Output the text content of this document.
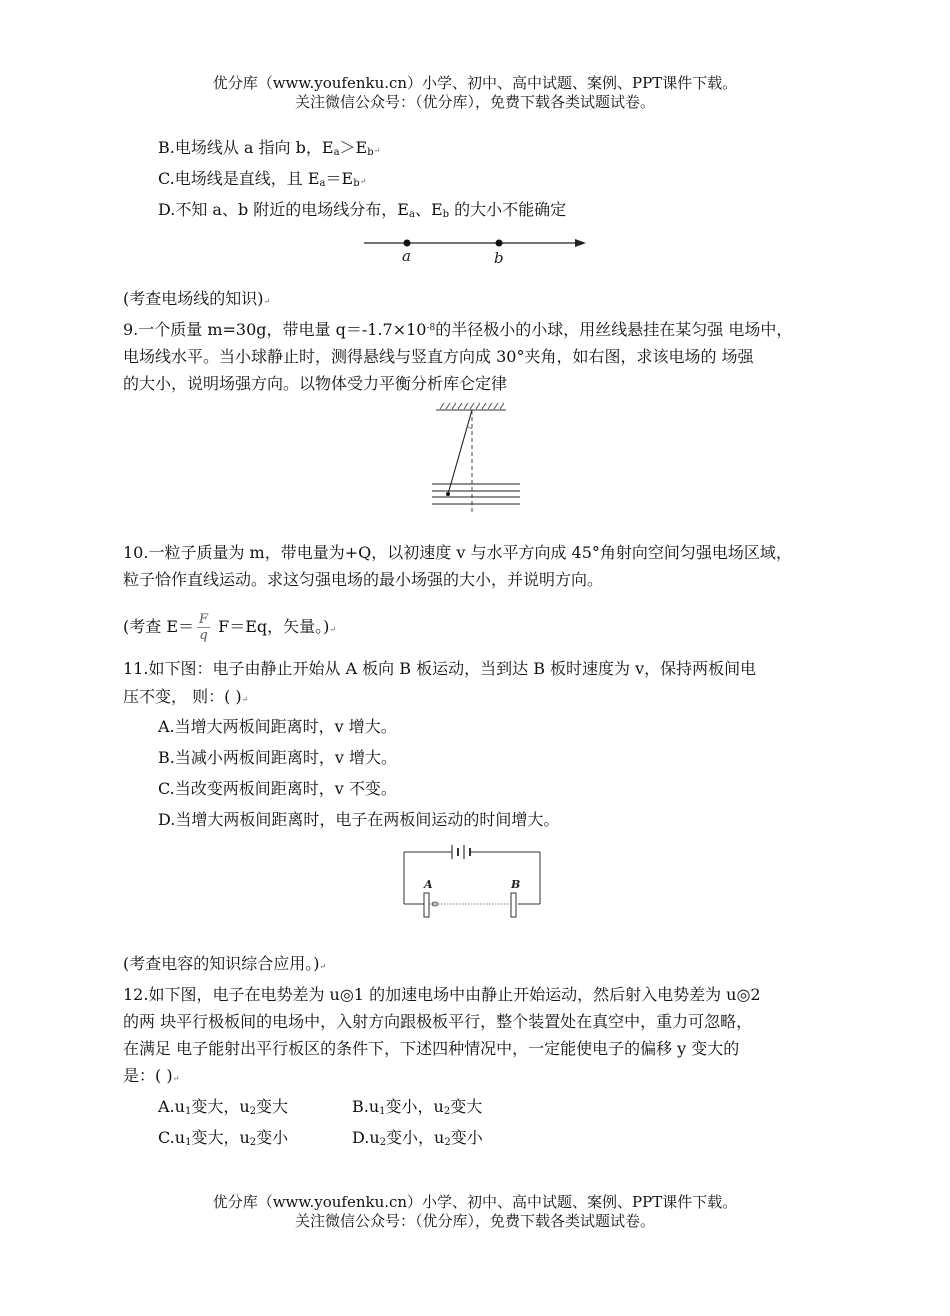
优分库（www.youfenku.cn）小学、初中、高中试题、案例、PPT课件下载。
关注微信公众号：（优分库），免费下载各类试题试卷。
B.电场线从 a 指向 b，$E_a>E_b↵$
C.电场线是直线，且 $E_a=E_b↵$
D.不知 a、b 附近的电场线分布，$E_a$、$E_b$ 的大小不能确定
a	b
(考查电场线的知识)↵
9.一个质量 m=30g，带电量 $q=-1.7\times 10^{-8}$的半径极小的小球，用丝线悬挂在某匀强 电场中，
电场线水平。当小球静止时，测得悬线与竖直方向成 30°夹角，如右图，求该电场的 场强
的大小，说明场强方向。以物体受力平衡分析库仑定律
10.一粒子质量为 m，带电量为+Q，以初速度 v 与水平方向成 45°角射向空间匀强电场区域，
粒子恰作直线运动。求这匀强电场的最小场强的大小，并说明方向。
(考查 $E= \frac{F}{q} F=Eq$，矢量。)↵
11.如下图：电子由静止开始从 A 板向 B 板运动，当到达 B 板时速度为 v，保持两板间电
压不变， 则：( )↵
A.当增大两板间距离时，v 增大。
B.当减小两板间距离时，v 增大。
C.当改变两板间距离时，v 不变。
D.当增大两板间距离时，电子在两板间运动的时间增大。
A	B
(考查电容的知识综合应用。)↵
12.如下图，电子在电势差为 u◎1 的加速电场中由静止开始运动，然后射入电势差为 u◎2
的两 块平行极板间的电场中，入射方向跟极板平行，整个装置处在真空中，重力可忽略，
在满足 电子能射出平行板区的条件下，下述四种情况中，一定能使电子的偏移 y 变大的
是：( )↵
$A.u_1$变大，$u_2$变大	$B.u_1$变小，$u_2$变大
$C.u_1$变大，$u_2$变小	$D.u_2$变小，$u_2$变小
优分库（www.youfenku.cn）小学、初中、高中试题、案例、PPT课件下载。
关注微信公众号：（优分库），免费下载各类试题试卷。
